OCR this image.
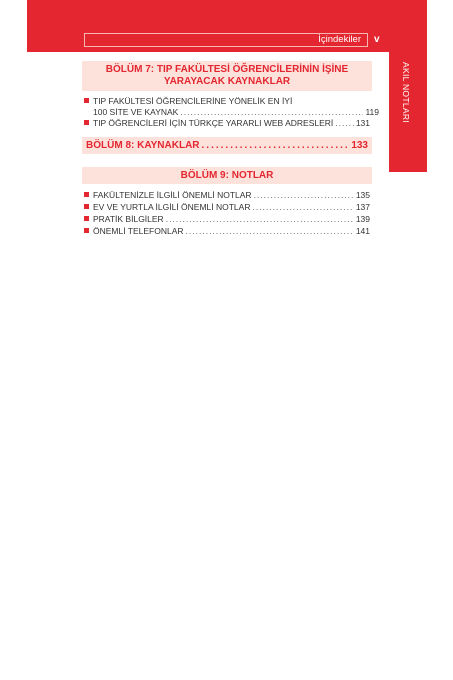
İçindekiler	v
AKIL NOTLARI
BÖLÜM 7: TIP FAKÜLTESİ ÖĞRENCİLERİNİN İŞİNE
YARAYACAK KAYNAKLAR
TIP FAKÜLTESİ ÖĞRENCİLERİNE YÖNELİK EN İYİ
100 SİTE VE KAYNAK .....	119
TIP ÖĞRENCİLERİ İÇİN TÜRKÇE YARARLI WEB ADRESLERİ .....	131
BÖLÜM 8: KAYNAKLAR .....	133
BÖLÜM 9: NOTLAR
FAKÜLTENİZLE İLGİLİ ÖNEMLİ NOTLAR .....	135
EV VE YURTLA İLGİLİ ÖNEMLİ NOTLAR .....	137
PRATİK BİLGİLER .....	139
ÖNEMLİ TELEFONLAR .....	141
